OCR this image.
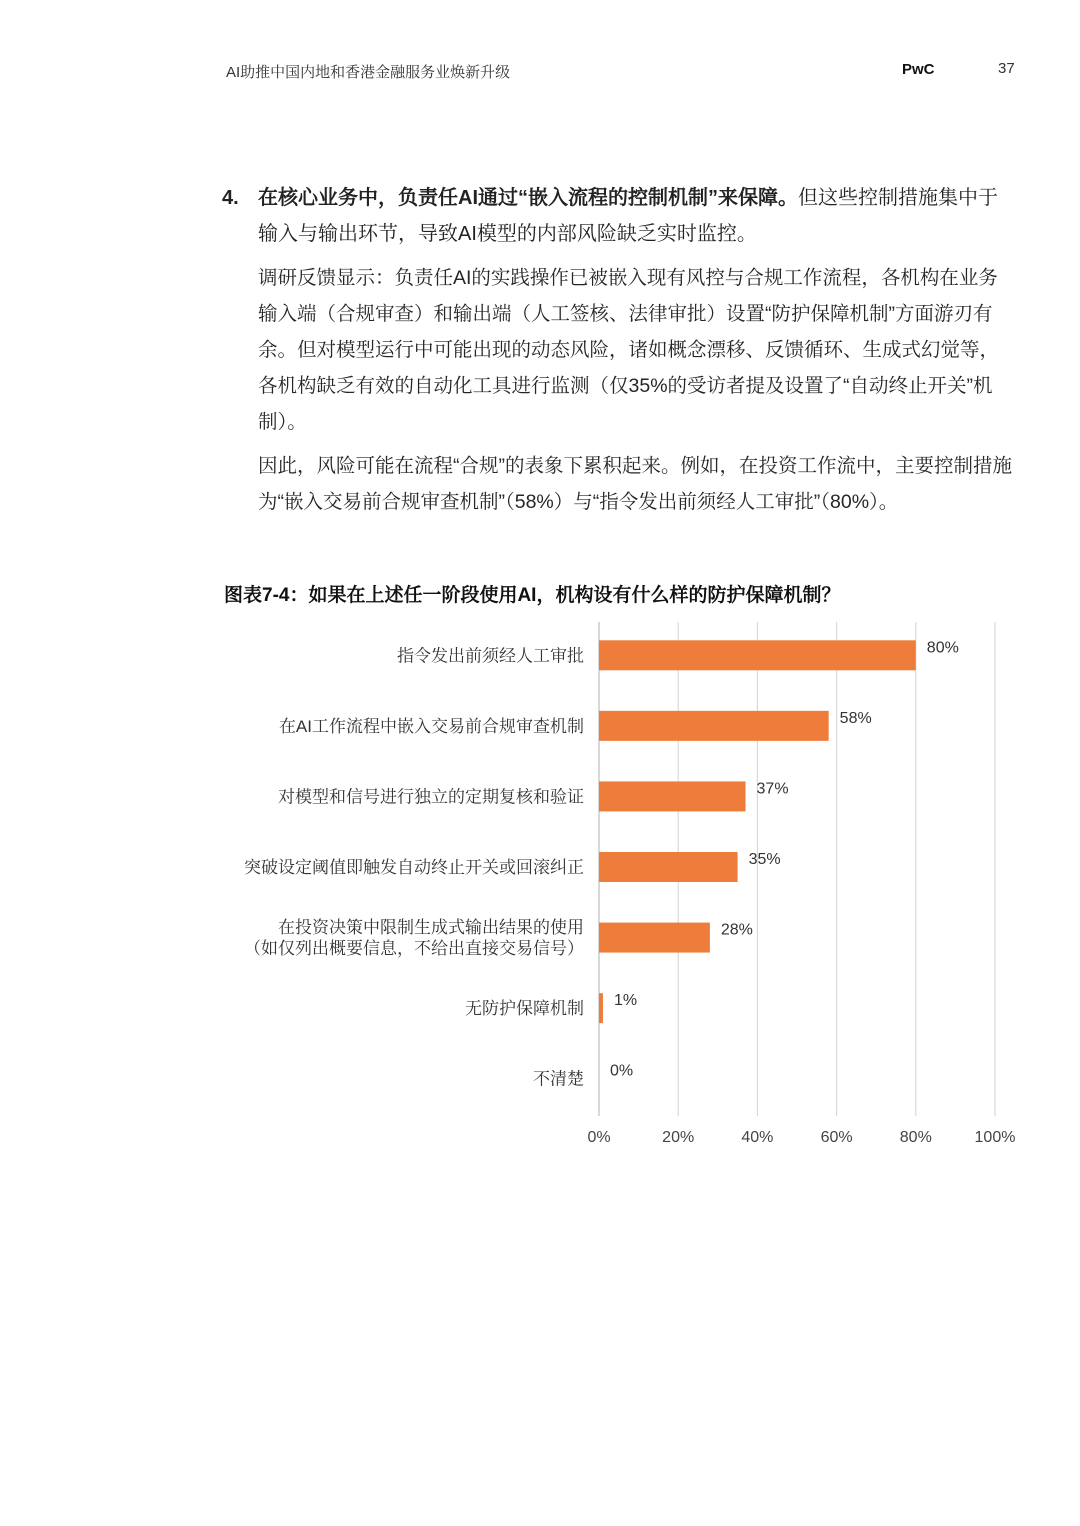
AI助推中国内地和香港金融服务业焕新升级	PwC	37
4. 在核心业务中，负责任AI通过“嵌入流程的控制机制”来保障。但这些控制措施集中于输入与输出环节，导致AI模型的内部风险缺乏实时监控。
调研反馈显示：负责任AI的实践操作已被嵌入现有风控与合规工作流程，各机构在业务输入端（合规审查）和输出端（人工签核、法律审批）设置“防护保障机制”方面游刃有余。但对模型运行中可能出现的动态风险，诸如概念漂移、反馈循环、生成式幻觉等，各机构缺乏有效的自动化工具进行监测（仅35%的受访者提及设置了“自动终止开关”机制）。
因此，风险可能在流程“合规”的表象下累积起来。例如，在投资工作流中，主要控制措施为“嵌入交易前合规审查机制”（58%）与“指令发出前须经人工审批”（80%）。
图表7-4：如果在上述任一阶段使用AI，机构设有什么样的防护保障机制？
0%	20%	40%	60%	80%	100%
80%
指令发出前须经人工审批
58%
在AI工作流程中嵌入交易前合规审查机制
37%
对模型和信号进行独立的定期复核和验证
35%
突破设定阈值即触发自动终止开关或回滚纠正
28%
在投资决策中限制生成式输出结果的使用
（如仅列出概要信息，不给出直接交易信号）
1%
无防护保障机制
0%
不清楚
